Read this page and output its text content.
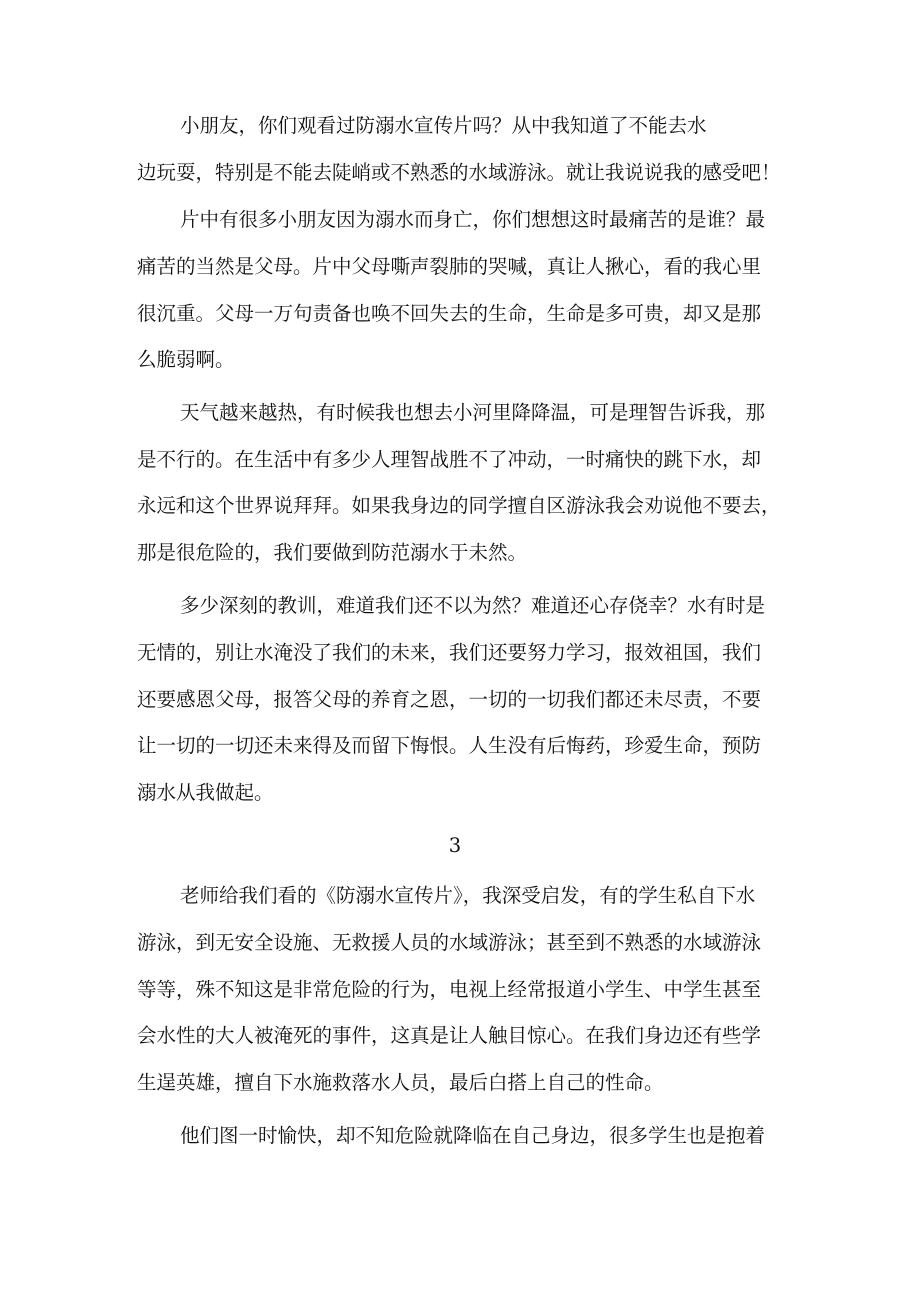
小朋友，你们观看过防溺水宣传片吗？从中我知道了不能去水
边玩耍，特别是不能去陡峭或不熟悉的水域游泳。就让我说说我的感受吧！
片中有很多小朋友因为溺水而身亡，你们想想这时最痛苦的是谁？最
痛苦的当然是父母。片中父母嘶声裂肺的哭喊，真让人揪心，看的我心里
很沉重。父母一万句责备也唤不回失去的生命，生命是多可贵，却又是那
么脆弱啊。
天气越来越热，有时候我也想去小河里降降温，可是理智告诉我，那
是不行的。在生活中有多少人理智战胜不了冲动，一时痛快的跳下水，却
永远和这个世界说拜拜。如果我身边的同学擅自区游泳我会劝说他不要去，
那是很危险的，我们要做到防范溺水于未然。
多少深刻的教训，难道我们还不以为然？难道还心存侥幸？水有时是
无情的，别让水淹没了我们的未来，我们还要努力学习，报效祖国，我们
还要感恩父母，报答父母的养育之恩，一切的一切我们都还未尽责，不要
让一切的一切还未来得及而留下悔恨。人生没有后悔药，珍爱生命，预防
溺水从我做起。
3
老师给我们看的《防溺水宣传片》，我深受启发，有的学生私自下水
游泳，到无安全设施、无救援人员的水域游泳；甚至到不熟悉的水域游泳
等等，殊不知这是非常危险的行为，电视上经常报道小学生、中学生甚至
会水性的大人被淹死的事件，这真是让人触目惊心。在我们身边还有些学
生逞英雄，擅自下水施救落水人员，最后白搭上自己的性命。
他们图一时愉快，却不知危险就降临在自己身边，很多学生也是抱着
